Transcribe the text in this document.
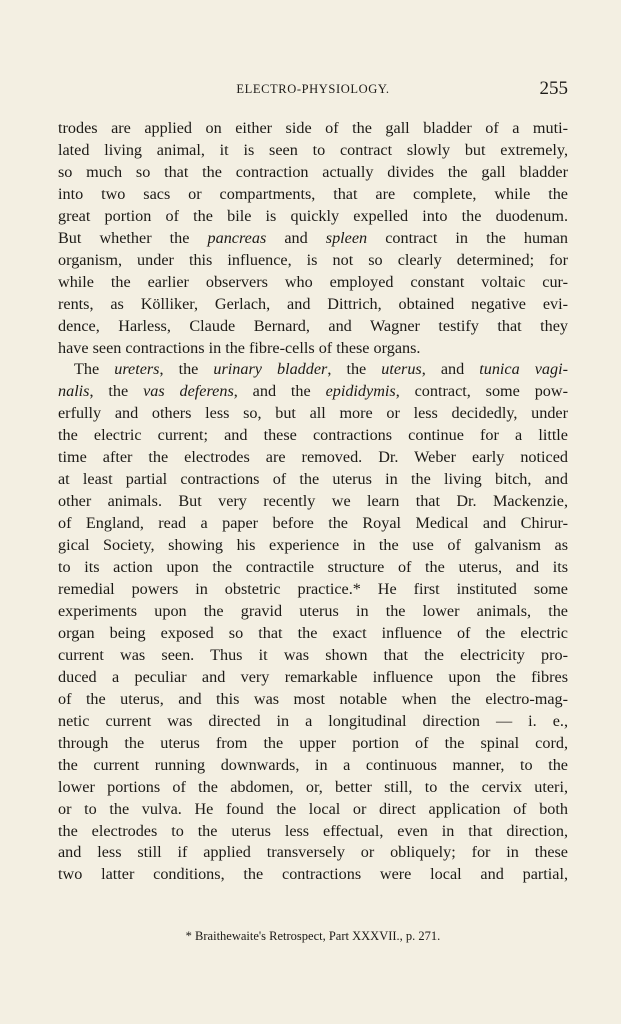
ELECTRO-PHYSIOLOGY.	255
trodes are applied on either side of the gall bladder of a muti-
lated living animal, it is seen to contract slowly but extremely,
so much so that the contraction actually divides the gall bladder
into two sacs or compartments, that are complete, while the
great portion of the bile is quickly expelled into the duodenum.
But whether the pancreas and spleen contract in the human
organism, under this influence, is not so clearly determined; for
while the earlier observers who employed constant voltaic cur-
rents, as Kölliker, Gerlach, and Dittrich, obtained negative evi-
dence, Harless, Claude Bernard, and Wagner testify that they
have seen contractions in the fibre-cells of these organs.
The ureters, the urinary bladder, the uterus, and tunica vagi-
nalis, the vas deferens, and the epididymis, contract, some pow-
erfully and others less so, but all more or less decidedly, under
the electric current; and these contractions continue for a little
time after the electrodes are removed. Dr. Weber early noticed
at least partial contractions of the uterus in the living bitch, and
other animals. But very recently we learn that Dr. Mackenzie,
of England, read a paper before the Royal Medical and Chirur-
gical Society, showing his experience in the use of galvanism as
to its action upon the contractile structure of the uterus, and its
remedial powers in obstetric practice.* He first instituted some
experiments upon the gravid uterus in the lower animals, the
organ being exposed so that the exact influence of the electric
current was seen. Thus it was shown that the electricity pro-
duced a peculiar and very remarkable influence upon the fibres
of the uterus, and this was most notable when the electro-mag-
netic current was directed in a longitudinal direction — i. e.,
through the uterus from the upper portion of the spinal cord,
the current running downwards, in a continuous manner, to the
lower portions of the abdomen, or, better still, to the cervix uteri,
or to the vulva. He found the local or direct application of both
the electrodes to the uterus less effectual, even in that direction,
and less still if applied transversely or obliquely; for in these
two latter conditions, the contractions were local and partial,
* Braithewaite's Retrospect, Part XXXVII., p. 271.
